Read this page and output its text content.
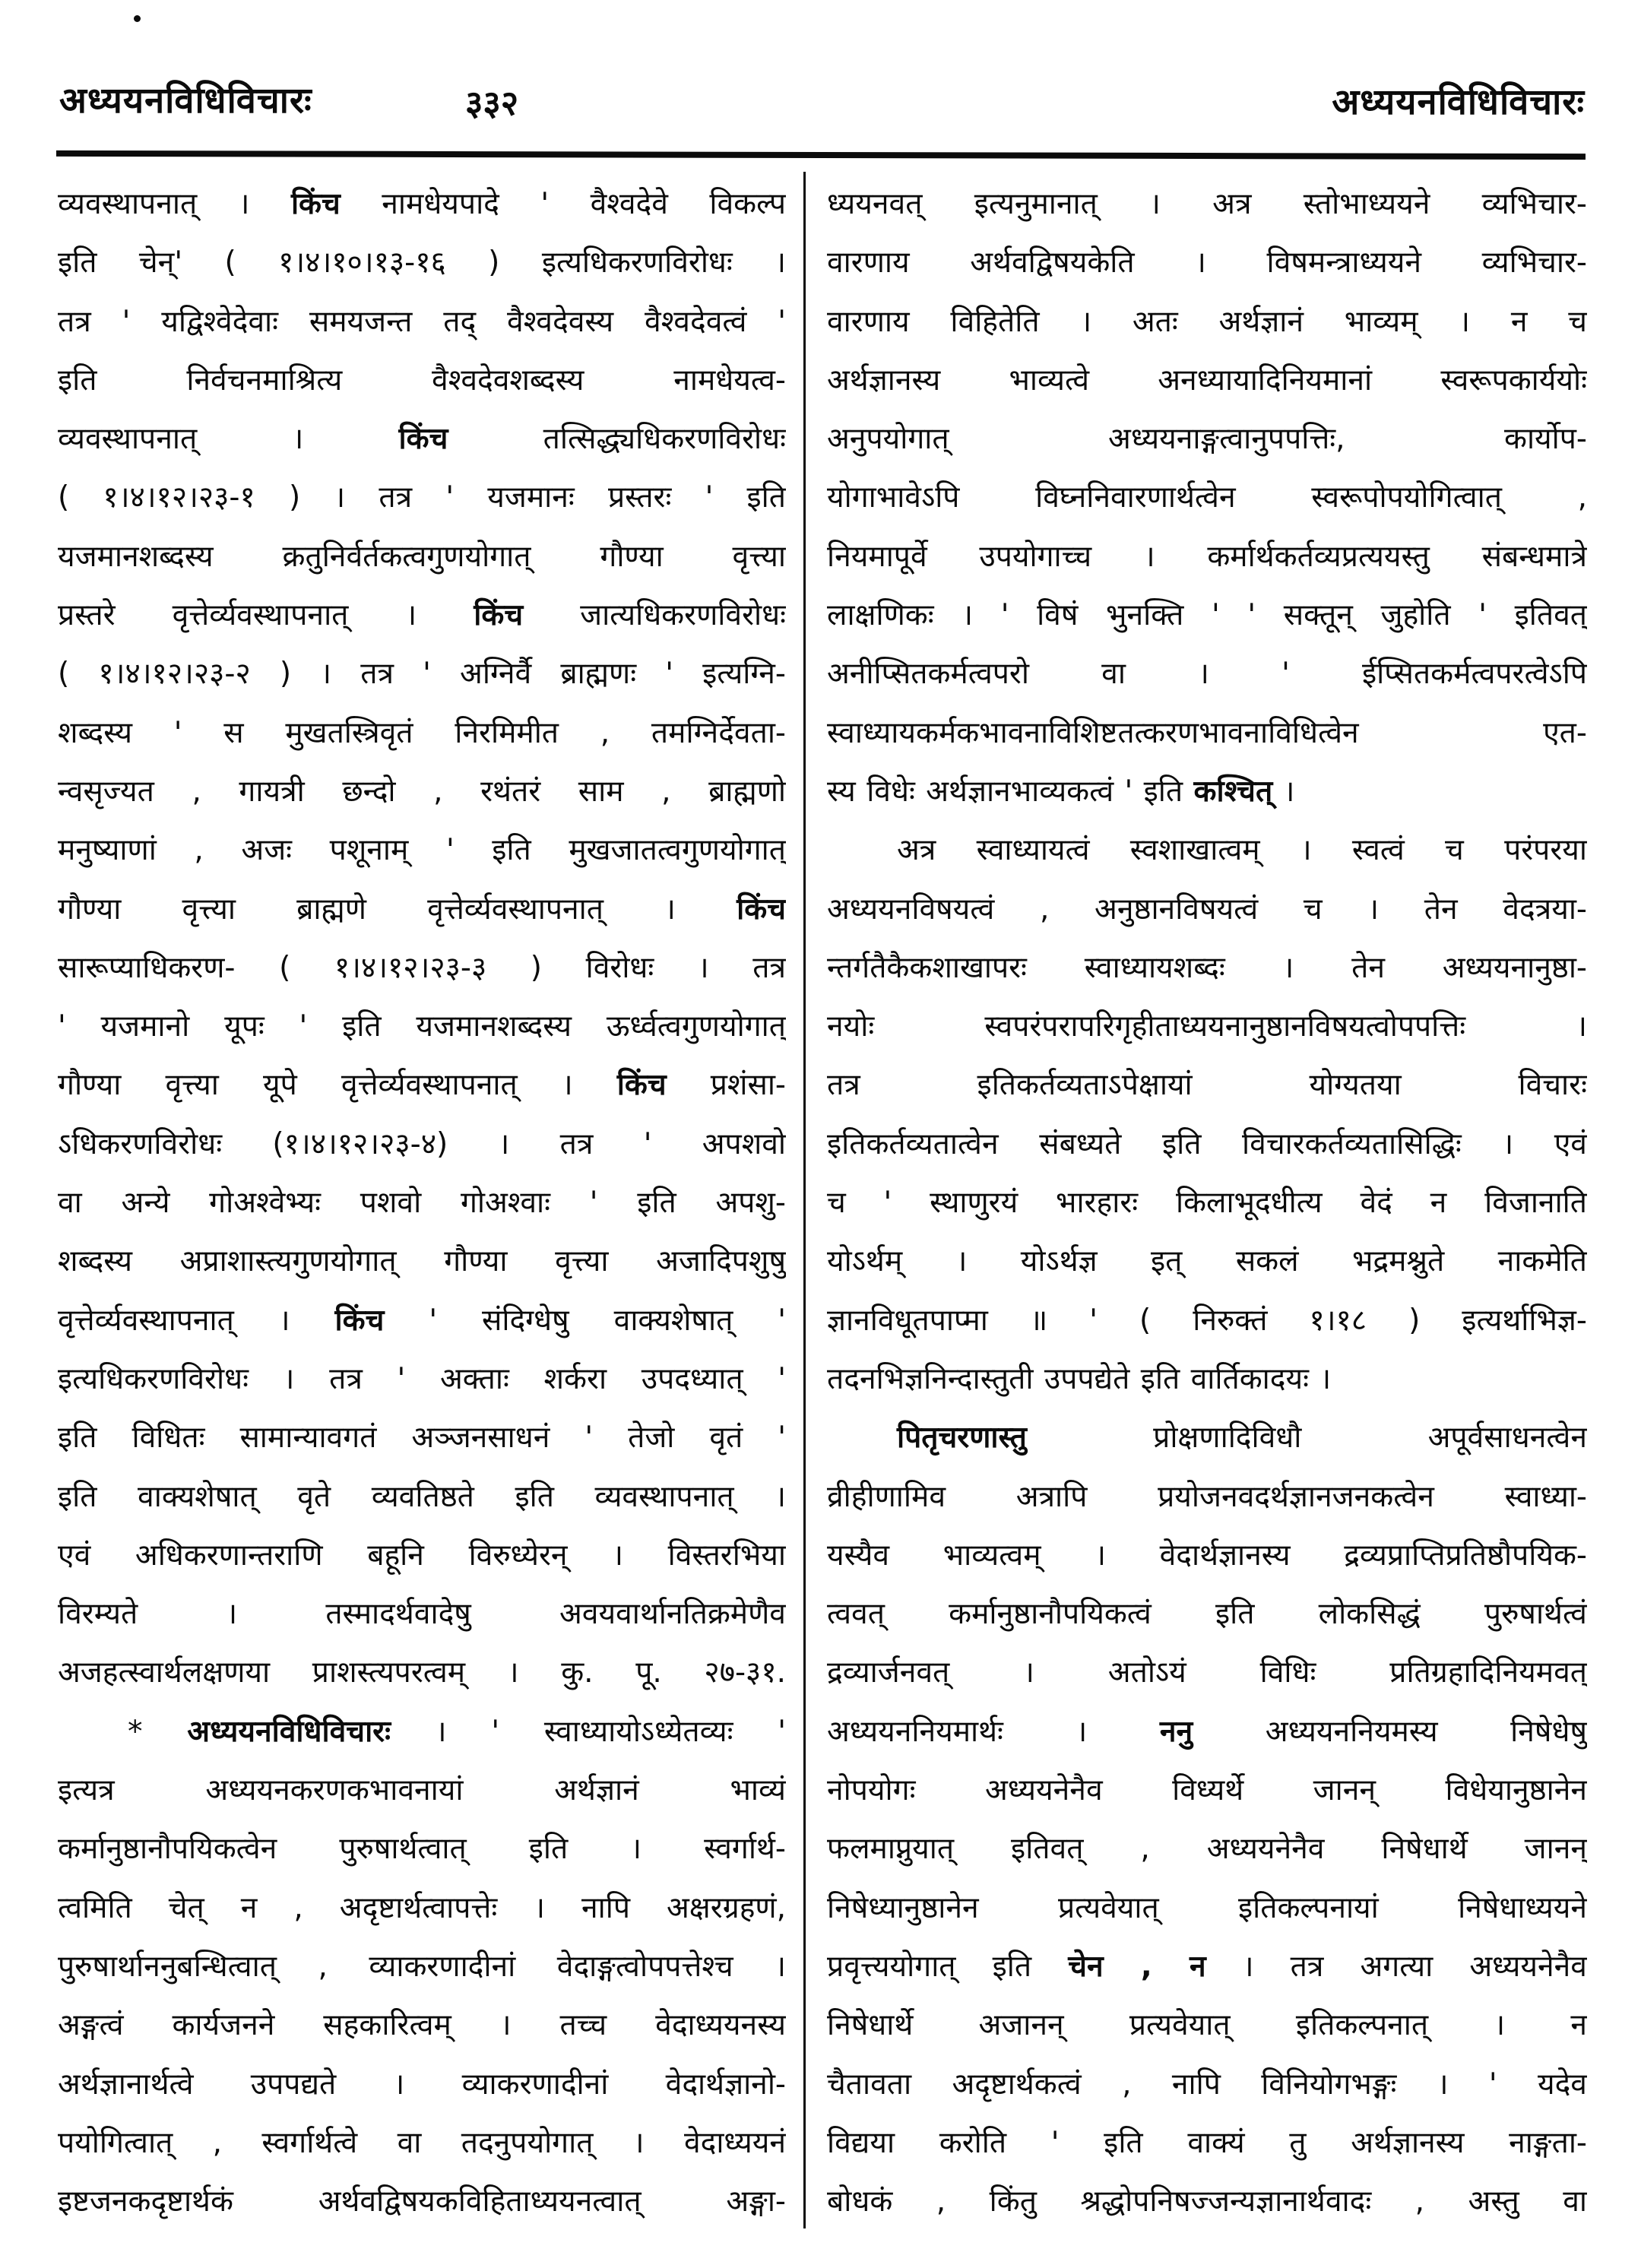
अध्ययनविधिविचारः	३३२	अध्ययनविधिविचारः
व्यवस्थापनात् । किंच नामधेयपादे ' वैश्वदेवे विकल्प
इति चेन्' ( १।४।१०।१३-१६ ) इत्यधिकरणविरोधः ।
तत्र ' यद्विश्वेदेवाः समयजन्त तद् वैश्वदेवस्य वैश्वदेवत्वं '
इति निर्वचनमाश्रित्य वैश्वदेवशब्दस्य नामधेयत्व-
व्यवस्थापनात् । किंच तत्सिद्ध्यधिकरणविरोधः
( १।४।१२।२३-१ ) । तत्र ' यजमानः प्रस्तरः ' इति
यजमानशब्दस्य क्रतुनिर्वर्तकत्वगुणयोगात् गौण्या वृत्त्या
प्रस्तरे वृत्तेर्व्यवस्थापनात् । किंच जात्यधिकरणविरोधः
( १।४।१२।२३-२ ) । तत्र ' अग्निर्वै ब्राह्मणः ' इत्यग्नि-
शब्दस्य ' स मुखतस्त्रिवृतं निरमिमीत , तमग्निर्देवता-
न्वसृज्यत , गायत्री छन्दो , रथंतरं साम , ब्राह्मणो
मनुष्याणां , अजः पशूनाम् ' इति मुखजातत्वगुणयोगात्
गौण्या वृत्त्या ब्राह्मणे वृत्तेर्व्यवस्थापनात् । किंच
सारूप्याधिकरण- ( १।४।१२।२३-३ ) विरोधः । तत्र
' यजमानो यूपः ' इति यजमानशब्दस्य ऊर्ध्वत्वगुणयोगात्
गौण्या वृत्त्या यूपे वृत्तेर्व्यवस्थापनात् । किंच प्रशंसा-
ऽधिकरणविरोधः (१।४।१२।२३-४) । तत्र ' अपशवो
वा अन्ये गोअश्वेभ्यः पशवो गोअश्वाः ' इति अपशु-
शब्दस्य अप्राशास्त्यगुणयोगात् गौण्या वृत्त्या अजादिपशुषु
वृत्तेर्व्यवस्थापनात् । किंच ' संदिग्धेषु वाक्यशेषात् '
इत्यधिकरणविरोधः । तत्र ' अक्ताः शर्करा उपदध्यात् '
इति विधितः सामान्यावगतं अञ्जनसाधनं ' तेजो वृतं '
इति वाक्यशेषात् वृते व्यवतिष्ठते इति व्यवस्थापनात् ।
एवं अधिकरणान्तराणि बहूनि विरुध्येरन् । विस्तरभिया
विरम्यते । तस्मादर्थवादेषु अवयवार्थानतिक्रमेणैव
अजहत्स्वार्थलक्षणया प्राशस्त्यपरत्वम् । कु. पू. २७-३१.
* अध्ययनविधिविचारः । ' स्वाध्यायोऽध्येतव्यः '
इत्यत्र अध्ययनकरणकभावनायां अर्थज्ञानं भाव्यं
कर्मानुष्ठानौपयिकत्वेन पुरुषार्थत्वात् इति । स्वर्गार्थ-
त्वमिति चेत् न , अदृष्टार्थत्वापत्तेः । नापि अक्षरग्रहणं,
पुरुषार्थाननुबन्धित्वात् , व्याकरणादीनां वेदाङ्गत्वोपपत्तेश्च ।
अङ्गत्वं कार्यजनने सहकारित्वम् । तच्च वेदाध्ययनस्य
अर्थज्ञानार्थत्वे उपपद्यते । व्याकरणादीनां वेदार्थज्ञानो-
पयोगित्वात् , स्वर्गार्थत्वे वा तदनुपयोगात् । वेदाध्ययनं
इष्टजनकदृष्टार्थकं अर्थवद्विषयकविहिताध्ययनत्वात् अङ्गा-
ध्ययनवत् इत्यनुमानात् । अत्र स्तोभाध्ययने व्यभिचार-
वारणाय अर्थवद्विषयकेति । विषमन्त्राध्ययने व्यभिचार-
वारणाय विहितेति । अतः अर्थज्ञानं भाव्यम् । न च
अर्थज्ञानस्य भाव्यत्वे अनध्यायादिनियमानां स्वरूपकार्ययोः
अनुपयोगात् अध्ययनाङ्गत्वानुपपत्तिः, कार्योप-
योगाभावेऽपि विघ्ननिवारणार्थत्वेन स्वरूपोपयोगित्वात् ,
नियमापूर्वे उपयोगाच्च । कर्मार्थकर्तव्यप्रत्ययस्तु संबन्धमात्रे
लाक्षणिकः । ' विषं भुनक्ति ' ' सक्तून् जुहोति ' इतिवत्
अनीप्सितकर्मत्वपरो वा । ' ईप्सितकर्मत्वपरत्वेऽपि
स्वाध्यायकर्मकभावनाविशिष्टतत्करणभावनाविधित्वेन एत-
स्य विधेः अर्थज्ञानभाव्यकत्वं ' इति कश्चित् ।
अत्र स्वाध्यायत्वं स्वशाखात्वम् । स्वत्वं च परंपरया
अध्ययनविषयत्वं , अनुष्ठानविषयत्वं च । तेन वेदत्रया-
न्तर्गतैकैकशाखापरः स्वाध्यायशब्दः । तेन अध्ययनानुष्ठा-
नयोः स्वपरंपरापरिगृहीताध्ययनानुष्ठानविषयत्वोपपत्तिः ।
तत्र इतिकर्तव्यताऽपेक्षायां योग्यतया विचारः
इतिकर्तव्यतात्वेन संबध्यते इति विचारकर्तव्यतासिद्धिः । एवं
च ' स्थाणुरयं भारहारः किलाभूदधीत्य वेदं न विजानाति
योऽर्थम् । योऽर्थज्ञ इत् सकलं भद्रमश्नुते नाकमेति
ज्ञानविधूतपाप्मा ॥ ' ( निरुक्तं १।१८ ) इत्यर्थाभिज्ञ-
तदनभिज्ञनिन्दास्तुती उपपद्येते इति वार्तिकादयः ।
पितृचरणास्तु प्रोक्षणादिविधौ अपूर्वसाधनत्वेन
व्रीहीणामिव अत्रापि प्रयोजनवदर्थज्ञानजनकत्वेन स्वाध्या-
यस्यैव भाव्यत्वम् । वेदार्थज्ञानस्य द्रव्यप्राप्तिप्रतिष्ठौपयिक-
त्ववत् कर्मानुष्ठानौपयिकत्वं इति लोकसिद्धं पुरुषार्थत्वं
द्रव्यार्जनवत् । अतोऽयं विधिः प्रतिग्रहादिनियमवत्
अध्ययननियमार्थः । ननु अध्ययननियमस्य निषेधेषु
नोपयोगः अध्ययनेनैव विध्यर्थे जानन् विधेयानुष्ठानेन
फलमाप्नुयात् इतिवत् , अध्ययनेनैव निषेधार्थे जानन्
निषेध्यानुष्ठानेन प्रत्यवेयात् इतिकल्पनायां निषेधाध्ययने
प्रवृत्त्ययोगात् इति चेन , न । तत्र अगत्या अध्ययनेनैव
निषेधार्थे अजानन् प्रत्यवेयात् इतिकल्पनात् । न
चैतावता अदृष्टार्थकत्वं , नापि विनियोगभङ्गः । ' यदेव
विद्यया करोति ' इति वाक्यं तु अर्थज्ञानस्य नाङ्गता-
बोधकं , किंतु श्रद्धोपनिषज्जन्यज्ञानार्थवादः , अस्तु वा
